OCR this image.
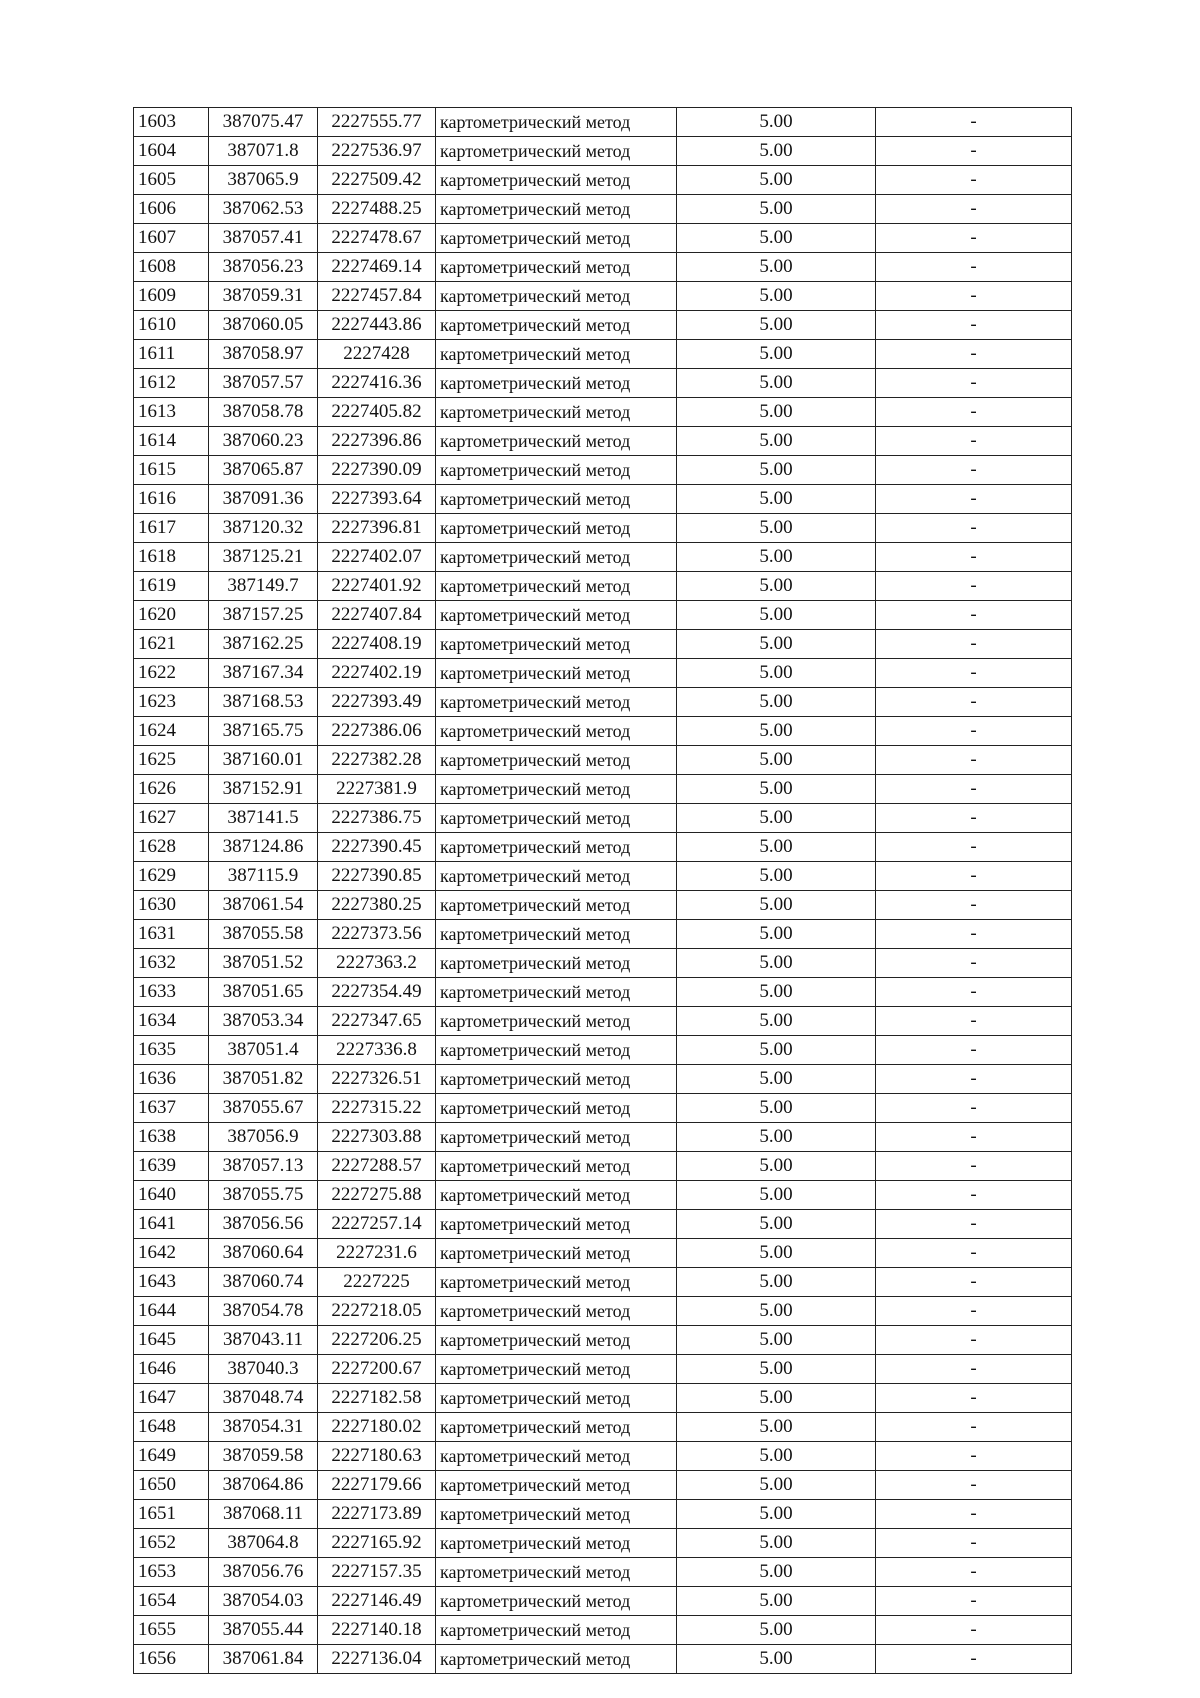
1603	387075.47	2227555.77	картометрический метод	5.00	-
1604	387071.8	2227536.97	картометрический метод	5.00	-
1605	387065.9	2227509.42	картометрический метод	5.00	-
1606	387062.53	2227488.25	картометрический метод	5.00	-
1607	387057.41	2227478.67	картометрический метод	5.00	-
1608	387056.23	2227469.14	картометрический метод	5.00	-
1609	387059.31	2227457.84	картометрический метод	5.00	-
1610	387060.05	2227443.86	картометрический метод	5.00	-
1611	387058.97	2227428	картометрический метод	5.00	-
1612	387057.57	2227416.36	картометрический метод	5.00	-
1613	387058.78	2227405.82	картометрический метод	5.00	-
1614	387060.23	2227396.86	картометрический метод	5.00	-
1615	387065.87	2227390.09	картометрический метод	5.00	-
1616	387091.36	2227393.64	картометрический метод	5.00	-
1617	387120.32	2227396.81	картометрический метод	5.00	-
1618	387125.21	2227402.07	картометрический метод	5.00	-
1619	387149.7	2227401.92	картометрический метод	5.00	-
1620	387157.25	2227407.84	картометрический метод	5.00	-
1621	387162.25	2227408.19	картометрический метод	5.00	-
1622	387167.34	2227402.19	картометрический метод	5.00	-
1623	387168.53	2227393.49	картометрический метод	5.00	-
1624	387165.75	2227386.06	картометрический метод	5.00	-
1625	387160.01	2227382.28	картометрический метод	5.00	-
1626	387152.91	2227381.9	картометрический метод	5.00	-
1627	387141.5	2227386.75	картометрический метод	5.00	-
1628	387124.86	2227390.45	картометрический метод	5.00	-
1629	387115.9	2227390.85	картометрический метод	5.00	-
1630	387061.54	2227380.25	картометрический метод	5.00	-
1631	387055.58	2227373.56	картометрический метод	5.00	-
1632	387051.52	2227363.2	картометрический метод	5.00	-
1633	387051.65	2227354.49	картометрический метод	5.00	-
1634	387053.34	2227347.65	картометрический метод	5.00	-
1635	387051.4	2227336.8	картометрический метод	5.00	-
1636	387051.82	2227326.51	картометрический метод	5.00	-
1637	387055.67	2227315.22	картометрический метод	5.00	-
1638	387056.9	2227303.88	картометрический метод	5.00	-
1639	387057.13	2227288.57	картометрический метод	5.00	-
1640	387055.75	2227275.88	картометрический метод	5.00	-
1641	387056.56	2227257.14	картометрический метод	5.00	-
1642	387060.64	2227231.6	картометрический метод	5.00	-
1643	387060.74	2227225	картометрический метод	5.00	-
1644	387054.78	2227218.05	картометрический метод	5.00	-
1645	387043.11	2227206.25	картометрический метод	5.00	-
1646	387040.3	2227200.67	картометрический метод	5.00	-
1647	387048.74	2227182.58	картометрический метод	5.00	-
1648	387054.31	2227180.02	картометрический метод	5.00	-
1649	387059.58	2227180.63	картометрический метод	5.00	-
1650	387064.86	2227179.66	картометрический метод	5.00	-
1651	387068.11	2227173.89	картометрический метод	5.00	-
1652	387064.8	2227165.92	картометрический метод	5.00	-
1653	387056.76	2227157.35	картометрический метод	5.00	-
1654	387054.03	2227146.49	картометрический метод	5.00	-
1655	387055.44	2227140.18	картометрический метод	5.00	-
1656	387061.84	2227136.04	картометрический метод	5.00	-
